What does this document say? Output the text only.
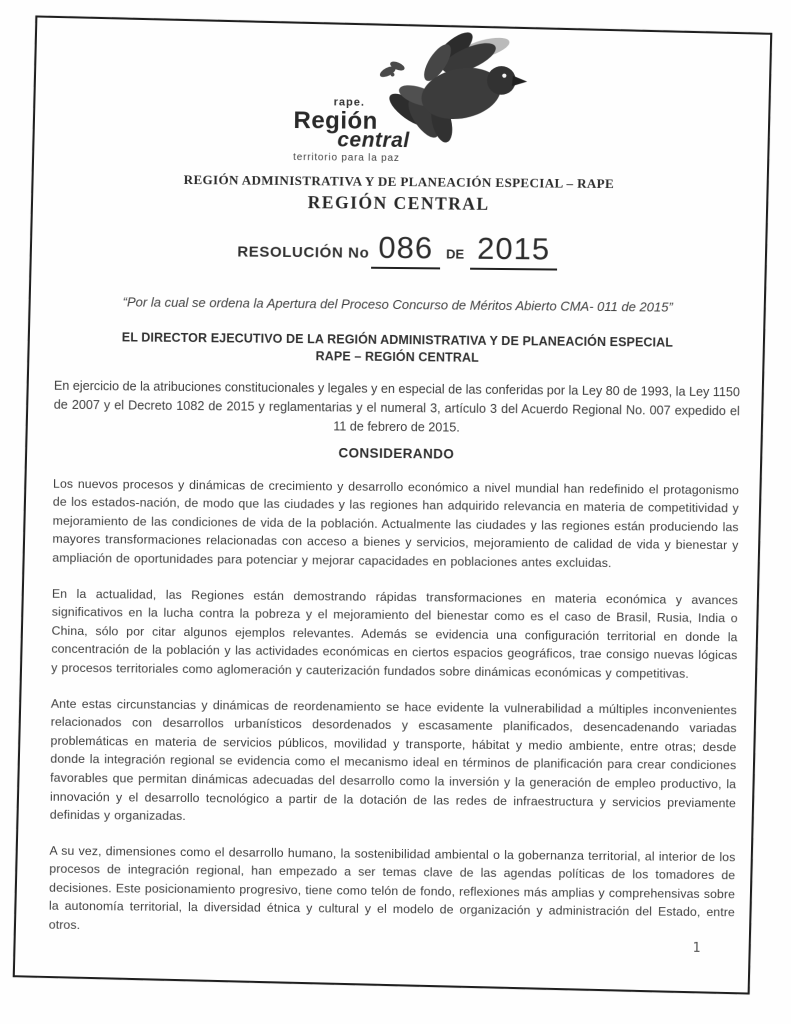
rape.
Región
central
territorio para la paz
REGIÓN ADMINISTRATIVA Y DE PLANEACIÓN ESPECIAL – RAPE
REGIÓN CENTRAL
RESOLUCIÓN No 086 DE 2015
“Por la cual se ordena la Apertura del Proceso Concurso de Méritos Abierto CMA- 011 de 2015”
EL DIRECTOR EJECUTIVO DE LA REGIÓN ADMINISTRATIVA Y DE PLANEACIÓN ESPECIAL
RAPE – REGIÓN CENTRAL
En ejercicio de la atribuciones constitucionales y legales y en especial de las conferidas por la Ley 80 de 1993, la Ley 1150 de 2007 y el Decreto 1082 de 2015 y reglamentarias y el numeral 3, artículo 3 del Acuerdo Regional No. 007 expedido el 11 de febrero de 2015.
CONSIDERANDO

Los nuevos procesos y dinámicas de crecimiento y desarrollo económico a nivel mundial han redefinido el protagonismo de los estados-nación, de modo que las ciudades y las regiones han adquirido relevancia en materia de competitividad y mejoramiento de las condiciones de vida de la población. Actualmente las ciudades y las regiones están produciendo las mayores transformaciones relacionadas con acceso a bienes y servicios, mejoramiento de calidad de vida y bienestar y ampliación de oportunidades para potenciar y mejorar capacidades en poblaciones antes excluidas.

En la actualidad, las Regiones están demostrando rápidas transformaciones en materia económica y avances significativos en la lucha contra la pobreza y el mejoramiento del bienestar como es el caso de Brasil, Rusia, India o China, sólo por citar algunos ejemplos relevantes. Además se evidencia una configuración territorial en donde la concentración de la población y las actividades económicas en ciertos espacios geográficos, trae consigo nuevas lógicas y procesos territoriales como aglomeración y cauterización fundados sobre dinámicas económicas y competitivas.

Ante estas circunstancias y dinámicas de reordenamiento se hace evidente la vulnerabilidad a múltiples inconvenientes relacionados con desarrollos urbanísticos desordenados y escasamente planificados, desencadenando variadas problemáticas en materia de servicios públicos, movilidad y transporte, hábitat y medio ambiente, entre otras; desde donde la integración regional se evidencia como el mecanismo ideal en términos de planificación para crear condiciones favorables que permitan dinámicas adecuadas del desarrollo como la inversión y la generación de empleo productivo, la innovación y el desarrollo tecnológico a partir de la dotación de las redes de infraestructura y servicios previamente definidas y organizadas.

A su vez, dimensiones como el desarrollo humano, la sostenibilidad ambiental o la gobernanza territorial, al interior de los procesos de integración regional, han empezado a ser temas clave de las agendas políticas de los tomadores de decisiones. Este posicionamiento progresivo, tiene como telón de fondo, reflexiones más amplias y comprehensivas sobre la autonomía territorial, la diversidad étnica y cultural y el modelo de organización y administración del Estado, entre otros.

1
